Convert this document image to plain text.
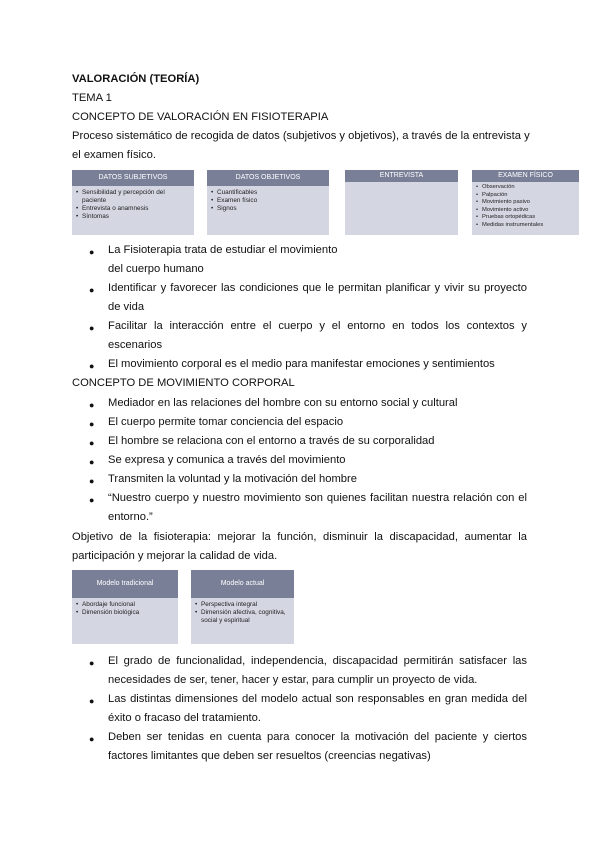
VALORACIÓN (TEORÍA)
TEMA 1
CONCEPTO DE VALORACIÓN EN FISIOTERAPIA
Proceso sistemático de recogida de datos (subjetivos y objetivos), a través de la entrevista y
el examen físico.
DATOS SUBJETIVOS
• Sensibilidad y percepción del paciente
• Entrevista o anamnesis
• Síntomas
DATOS OBJETIVOS
• Cuantificables
• Examen físico
• Signos
ENTREVISTA	EXAMEN FÍSICO
• Observación
• Palpación
• Movimiento pasivo
• Movimiento activo
• Pruebas ortopédicas
• Medidas instrumentales
●	La Fisioterapia trata de estudiar el movimiento
del cuerpo humano
●	Identificar y favorecer las condiciones que le permitan planificar y vivir su proyecto
de vida
●	Facilitar la interacción entre el cuerpo y el entorno en todos los contextos y
escenarios
●	El movimiento corporal es el medio para manifestar emociones y sentimientos
CONCEPTO DE MOVIMIENTO CORPORAL
●	Mediador en las relaciones del hombre con su entorno social y cultural
●	El cuerpo permite tomar conciencia del espacio
●	El hombre se relaciona con el entorno a través de su corporalidad
●	Se expresa y comunica a través del movimiento
●	Transmiten la voluntad y la motivación del hombre
●	“Nuestro cuerpo y nuestro movimiento son quienes facilitan nuestra relación con el
entorno.”
Objetivo de la fisioterapia: mejorar la función, disminuir la discapacidad, aumentar la
participación y mejorar la calidad de vida.
Modelo tradicional
• Abordaje funcional
• Dimensión biológica
Modelo actual
• Perspectiva integral
• Dimensión afectiva, cognitiva, social y espiritual
●	El grado de funcionalidad, independencia, discapacidad permitirán satisfacer las
necesidades de ser, tener, hacer y estar, para cumplir un proyecto de vida.
●	Las distintas dimensiones del modelo actual son responsables en gran medida del
éxito o fracaso del tratamiento.
●	Deben ser tenidas en cuenta para conocer la motivación del paciente y ciertos
factores limitantes que deben ser resueltos (creencias negativas)
